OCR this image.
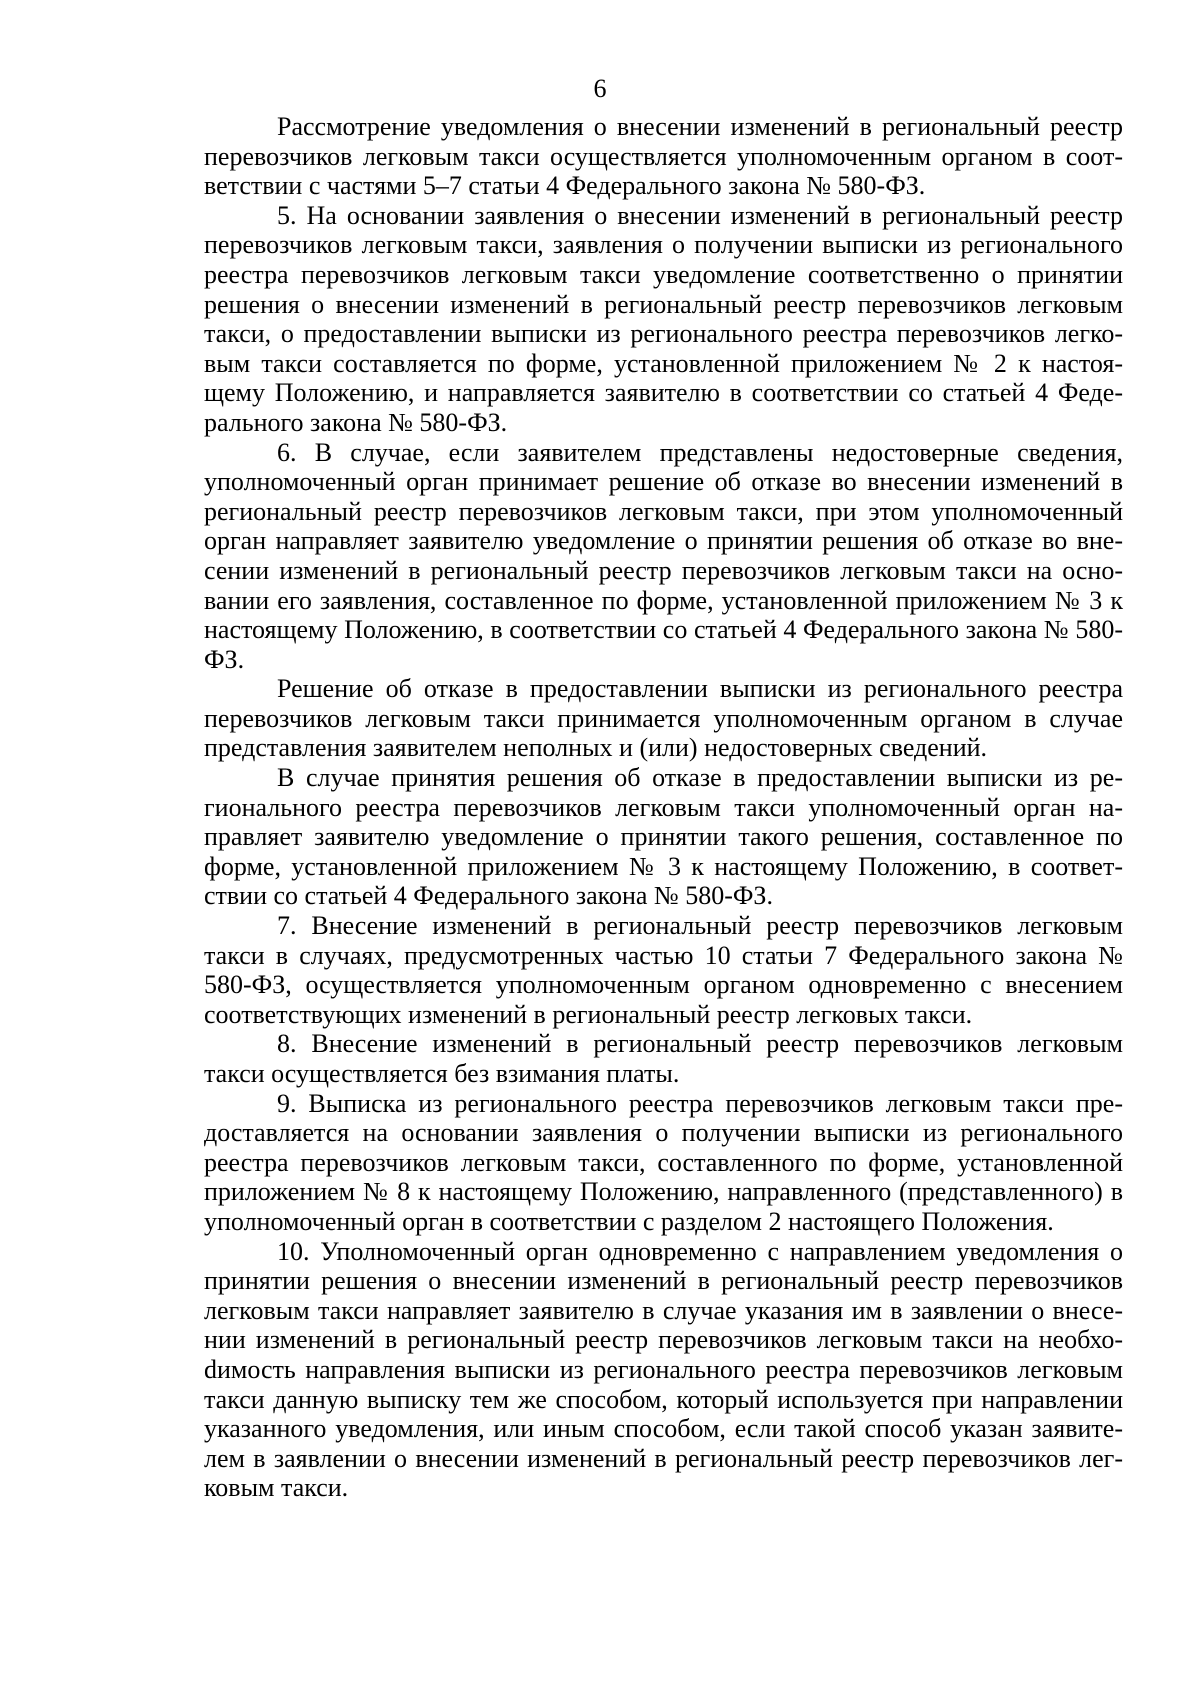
6

Рассмотрение уведомления о внесении изменений в региональный реестр перевозчиков легковым такси осуществляется уполномоченным органом в соответствии с частями 5–7 статьи 4 Федерального закона № 580-ФЗ.

5. На основании заявления о внесении изменений в региональный реестр перевозчиков легковым такси, заявления о получении выписки из регионального реестра перевозчиков легковым такси уведомление соответственно о принятии решения о внесении изменений в региональный реестр перевозчиков легковым такси, о предоставлении выписки из регионального реестра перевозчиков легковым такси составляется по форме, установленной приложением № 2 к настоящему Положению, и направляется заявителю в соответствии со статьей 4 Федерального закона № 580-ФЗ.

6. В случае, если заявителем представлены недостоверные сведения, уполномоченный орган принимает решение об отказе во внесении изменений в региональный реестр перевозчиков легковым такси, при этом уполномоченный орган направляет заявителю уведомление о принятии решения об отказе во внесении изменений в региональный реестр перевозчиков легковым такси на основании его заявления, составленное по форме, установленной приложением № 3 к настоящему Положению, в соответствии со статьей 4 Федерального закона № 580-ФЗ.

Решение об отказе в предоставлении выписки из регионального реестра перевозчиков легковым такси принимается уполномоченным органом в случае представления заявителем неполных и (или) недостоверных сведений.

В случае принятия решения об отказе в предоставлении выписки из регионального реестра перевозчиков легковым такси уполномоченный орган направляет заявителю уведомление о принятии такого решения, составленное по форме, установленной приложением № 3 к настоящему Положению, в соответствии со статьей 4 Федерального закона № 580-ФЗ.

7. Внесение изменений в региональный реестр перевозчиков легковым такси в случаях, предусмотренных частью 10 статьи 7 Федерального закона № 580-ФЗ, осуществляется уполномоченным органом одновременно с внесением соответствующих изменений в региональный реестр легковых такси.

8. Внесение изменений в региональный реестр перевозчиков легковым такси осуществляется без взимания платы.

9. Выписка из регионального реестра перевозчиков легковым такси предоставляется на основании заявления о получении выписки из регионального реестра перевозчиков легковым такси, составленного по форме, установленной приложением № 8 к настоящему Положению, направленного (представленного) в уполномоченный орган в соответствии с разделом 2 настоящего Положения.

10. Уполномоченный орган одновременно с направлением уведомления о принятии решения о внесении изменений в региональный реестр перевозчиков легковым такси направляет заявителю в случае указания им в заявлении о внесении изменений в региональный реестр перевозчиков легковым такси на необхоdимость направления выписки из регионального реестра перевозчиков легковым такси данную выписку тем же способом, который используется при направлении указанного уведомления, или иным способом, если такой способ указан заявителем в заявлении о внесении изменений в региональный реестр перевозчиков легковым такси.
